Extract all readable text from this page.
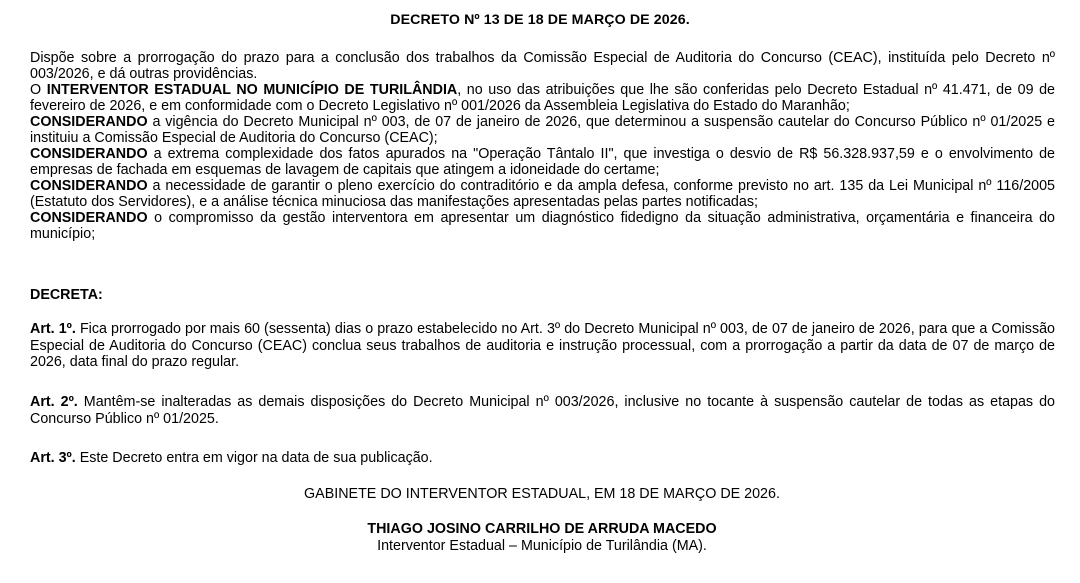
DECRETO Nº 13 DE 18 DE MARÇO DE 2026.

Dispõe sobre a prorrogação do prazo para a conclusão dos trabalhos da Comissão Especial de Auditoria do Concurso (CEAC), instituída pelo Decreto nº 003/2026, e dá outras providências.

O INTERVENTOR ESTADUAL NO MUNICÍPIO DE TURILÂNDIA, no uso das atribuições que lhe são conferidas pelo Decreto Estadual nº 41.471, de 09 de fevereiro de 2026, e em conformidade com o Decreto Legislativo nº 001/2026 da Assembleia Legislativa do Estado do Maranhão;

CONSIDERANDO a vigência do Decreto Municipal nº 003, de 07 de janeiro de 2026, que determinou a suspensão cautelar do Concurso Público nº 01/2025 e instituiu a Comissão Especial de Auditoria do Concurso (CEAC);

CONSIDERANDO a extrema complexidade dos fatos apurados na "Operação Tântalo II", que investiga o desvio de R$ 56.328.937,59 e o envolvimento de empresas de fachada em esquemas de lavagem de capitais que atingem a idoneidade do certame;

CONSIDERANDO a necessidade de garantir o pleno exercício do contraditório e da ampla defesa, conforme previsto no art. 135 da Lei Municipal nº 116/2005 (Estatuto dos Servidores), e a análise técnica minuciosa das manifestações apresentadas pelas partes notificadas;

CONSIDERANDO o compromisso da gestão interventora em apresentar um diagnóstico fidedigno da situação administrativa, orçamentária e financeira do município;

DECRETA:

Art. 1º. Fica prorrogado por mais 60 (sessenta) dias o prazo estabelecido no Art. 3º do Decreto Municipal nº 003, de 07 de janeiro de 2026, para que a Comissão Especial de Auditoria do Concurso (CEAC) conclua seus trabalhos de auditoria e instrução processual, com a prorrogação a partir da data de 07 de março de 2026, data final do prazo regular.

Art. 2º. Mantêm-se inalteradas as demais disposições do Decreto Municipal nº 003/2026, inclusive no tocante à suspensão cautelar de todas as etapas do Concurso Público nº 01/2025.

Art. 3º. Este Decreto entra em vigor na data de sua publicação.

GABINETE DO INTERVENTOR ESTADUAL, EM 18 DE MARÇO DE 2026.
THIAGO JOSINO CARRILHO DE ARRUDA MACEDO
Interventor Estadual – Município de Turilândia (MA).
